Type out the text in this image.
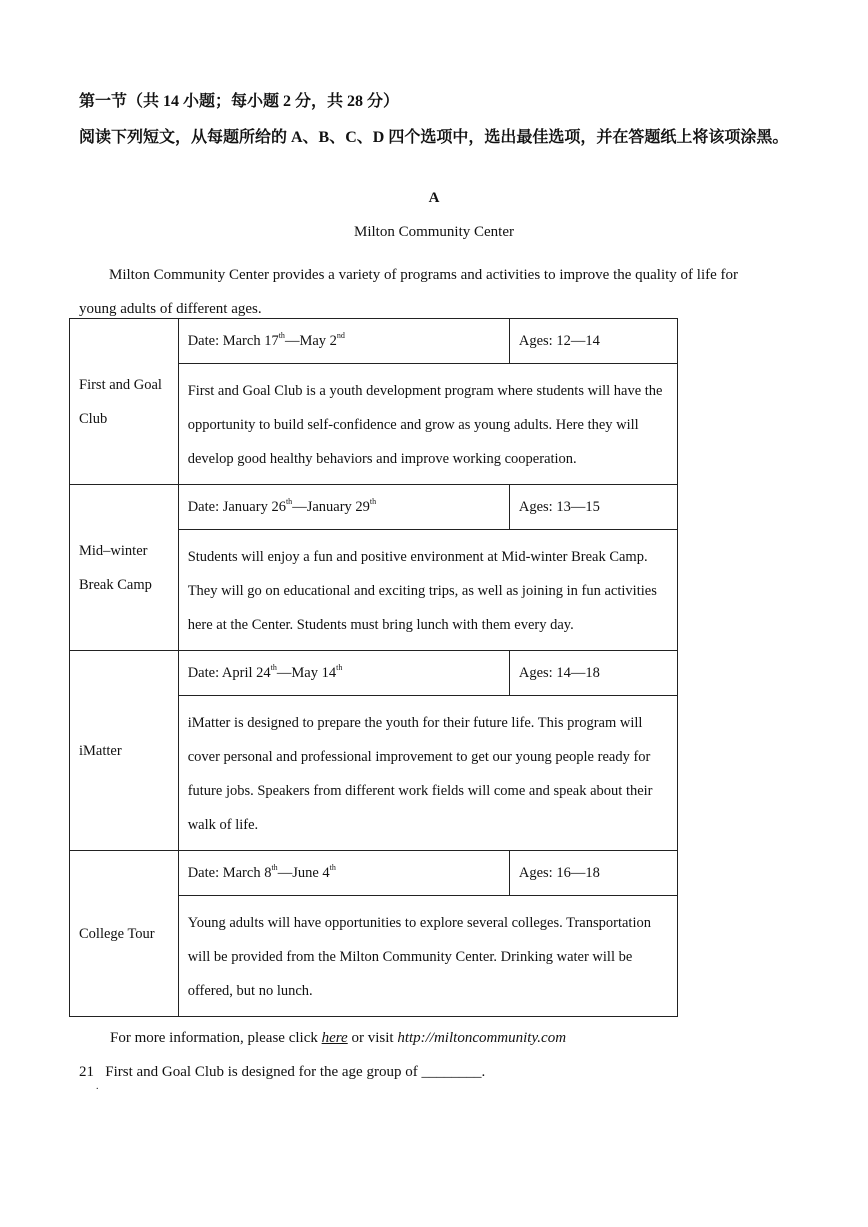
第一节（共 14 小题；每小题 2 分，共 28 分）
阅读下列短文，从每题所给的 A、B、C、D 四个选项中，选出最佳选项，并在答题纸上将该项涂黑。
A
Milton Community Center
Milton Community Center provides a variety of programs and activities to improve the quality of life for young adults of different ages.
First and Goal Club	Date: March 17th—May 2nd	Ages: 12—14
	First and Goal Club is a youth development program where students will have the opportunity to build self-confidence and grow as young adults. Here they will develop good healthy behaviors and improve working cooperation.	
Mid–winter Break Camp	Date: January 26th—January 29th	Ages: 13—15
	Students will enjoy a fun and positive environment at Mid-winter Break Camp. They will go on educational and exciting trips, as well as joining in fun activities here at the Center. Students must bring lunch with them every day.	
iMatter	Date: April 24th—May 14th	Ages: 14—18
	iMatter is designed to prepare the youth for their future life. This program will cover personal and professional improvement to get our young people ready for future jobs. Speakers from different work fields will come and speak about their walk of life.	
College Tour	Date: March 8th—June 4th	Ages: 16—18
	Young adults will have opportunities to explore several colleges. Transportation will be provided from the Milton Community Center. Drinking water will be offered, but no lunch.	
For more information, please click here or visit http://miltoncommunity.com
21 First and Goal Club is designed for the age group of ________.
.
